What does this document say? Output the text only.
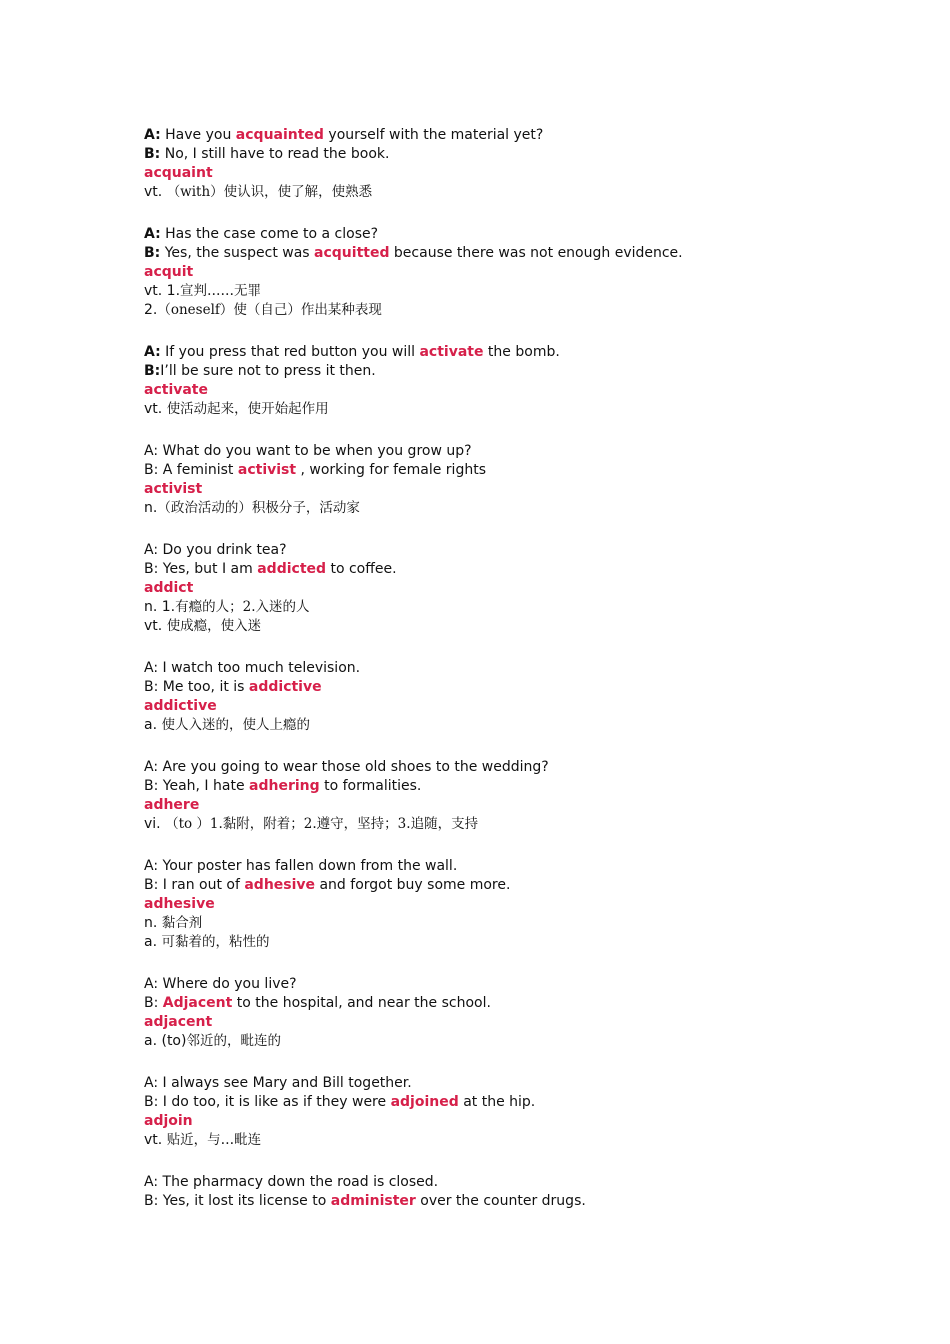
A: Have you acquainted yourself with the material yet?
B: No, I still have to read the book.
acquaint
vt. （with）使认识，使了解，使熟悉
A: Has the case come to a close?
B: Yes, the suspect was acquitted because there was not enough evidence.
acquit
vt. 1.宣判……无罪
2.（oneself）使（自己）作出某种表现
A: If you press that red button you will activate the bomb.
B:I’ll be sure not to press it then.
activate
vt. 使活动起来，使开始起作用
A: What do you want to be when you grow up?
B: A feminist activist , working for female rights
activist
n.（政治活动的）积极分子，活动家
A: Do you drink tea?
B: Yes, but I am addicted to coffee.
addict
n. 1.有瘾的人；2.入迷的人
vt. 使成瘾，使入迷
A: I watch too much television.
B: Me too, it is addictive
addictive
a. 使人入迷的，使人上瘾的
A: Are you going to wear those old shoes to the wedding?
B: Yeah, I hate adhering to formalities.
adhere
vi. （to ）1.黏附，附着；2.遵守，坚持；3.追随，支持
A: Your poster has fallen down from the wall.
B: I ran out of adhesive and forgot buy some more.
adhesive
n. 黏合剂
a. 可黏着的，粘性的
A: Where do you live?
B: Adjacent to the hospital, and near the school.
adjacent
a. (to)邻近的，毗连的
A: I always see Mary and Bill together.
B: I do too, it is like as if they were adjoined at the hip.
adjoin
vt. 贴近，与…毗连
A: The pharmacy down the road is closed.
B: Yes, it lost its license to administer over the counter drugs.
